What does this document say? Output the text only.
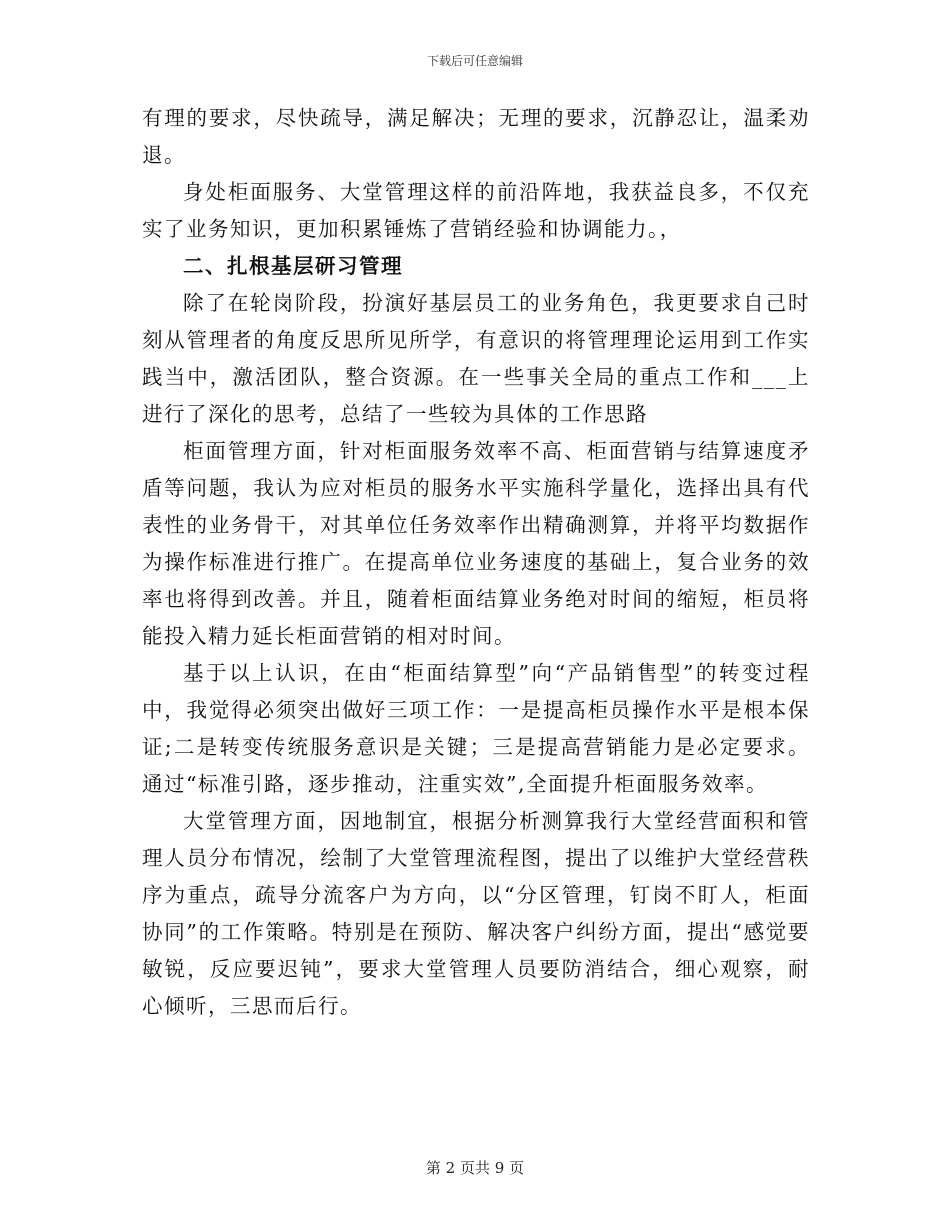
下载后可任意编辑

有理的要求，尽快疏导，满足解决；无理的要求，沉静忍让，温柔劝退。

身处柜面服务、大堂管理这样的前沿阵地，我获益良多，不仅充实了业务知识，更加积累锤炼了营销经验和协调能力。，

二、扎根基层研习管理

除了在轮岗阶段，扮演好基层员工的业务角色，我更要求自己时刻从管理者的角度反思所见所学，有意识的将管理理论运用到工作实践当中，激活团队，整合资源。在一些事关全局的重点工作和___上进行了深化的思考，总结了一些较为具体的工作思路

柜面管理方面，针对柜面服务效率不高、柜面营销与结算速度矛盾等问题，我认为应对柜员的服务水平实施科学量化，选择出具有代表性的业务骨干，对其单位任务效率作出精确测算，并将平均数据作为操作标准进行推广。在提高单位业务速度的基础上，复合业务的效率也将得到改善。并且，随着柜面结算业务绝对时间的缩短，柜员将能投入精力延长柜面营销的相对时间。

基于以上认识，在由“柜面结算型”向“产品销售型”的转变过程中，我觉得必须突出做好三项工作：一是提高柜员操作水平是根本保证;二是转变传统服务意识是关键；三是提高营销能力是必定要求。通过“标准引路，逐步推动，注重实效”,全面提升柜面服务效率。

大堂管理方面，因地制宜，根据分析测算我行大堂经营面积和管理人员分布情况，绘制了大堂管理流程图，提出了以维护大堂经营秩序为重点，疏导分流客户为方向，以“分区管理，钉岗不盯人，柜面协同”的工作策略。特别是在预防、解决客户纠纷方面，提出“感觉要敏锐，反应要迟钝”，要求大堂管理人员要防消结合，细心观察，耐心倾听，三思而后行。

第 2 页共 9 页
